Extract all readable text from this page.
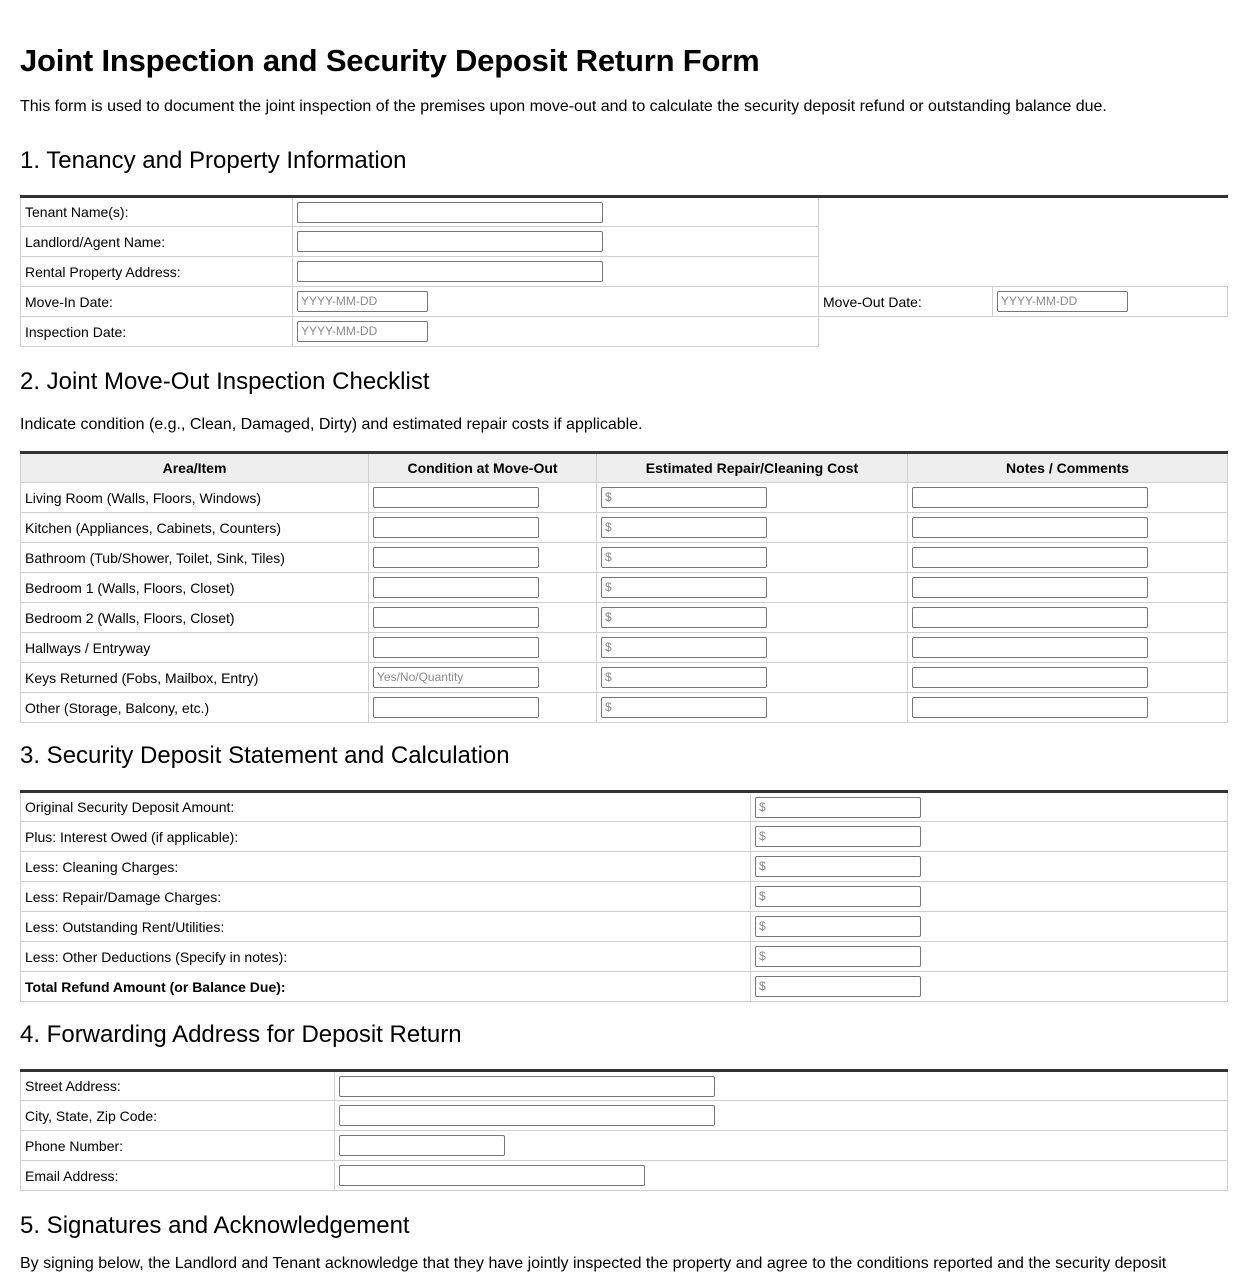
Joint Inspection and Security Deposit Return Form

This form is used to document the joint inspection of the premises upon move-out and to calculate the security deposit refund or outstanding balance due.

1. Tenancy and Property Information
Tenant Name(s):			
Landlord/Agent Name:			
Rental Property Address:			
Move-In Date:	YYYY-MM-DD	Move-Out Date:	YYYY-MM-DD
Inspection Date:	YYYY-MM-DD		
2. Joint Move-Out Inspection Checklist

Indicate condition (e.g., Clean, Damaged, Dirty) and estimated repair costs if applicable.

Area/Item	Condition at Move-Out	Estimated Repair/Cleaning Cost	Notes / Comments
Living Room (Walls, Floors, Windows)		$	
Kitchen (Appliances, Cabinets, Counters)		$	
Bathroom (Tub/Shower, Toilet, Sink, Tiles)		$	
Bedroom 1 (Walls, Floors, Closet)		$	
Bedroom 2 (Walls, Floors, Closet)		$	
Hallways / Entryway		$	
Keys Returned (Fobs, Mailbox, Entry)	Yes/No/Quantity	$	
Other (Storage, Balcony, etc.)		$	
3. Security Deposit Statement and Calculation
Original Security Deposit Amount:	$
Plus: Interest Owed (if applicable):	$
Less: Cleaning Charges:	$
Less: Repair/Damage Charges:	$
Less: Outstanding Rent/Utilities:	$
Less: Other Deductions (Specify in notes):	$
Total Refund Amount (or Balance Due):	$
4. Forwarding Address for Deposit Return
Street Address:	
City, State, Zip Code:	
Phone Number:	
Email Address:	
5. Signatures and Acknowledgement

By signing below, the Landlord and Tenant acknowledge that they have jointly inspected the property and agree to the conditions reported and the security deposit
